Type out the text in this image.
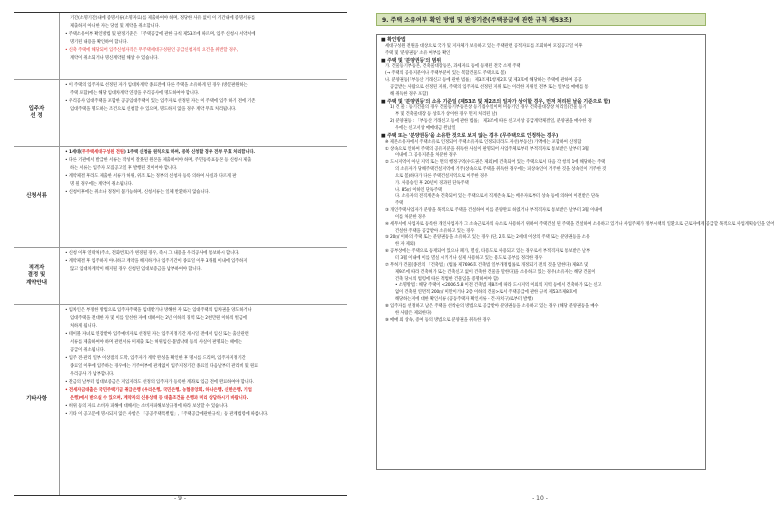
기간(소명기간)내에 증명서류(소명자료)를 제출하여야 하며, 정당한 사유 없이 이 기간내에 증명서류를
제출하지 아니한 자는 당첨 및 계약을 취소합니다.
• 주택소유여부 확인방법 및 판정기준은 「주택공급에 관한 규칙 제53조에 따르며, 입주 신청시 서약서에
명기된 내용을 확인하여 합니다.
• 신축 주택에 해당되어 입주신청자격은 무주택세대구성원인 공급신청자의 요건을 위반할 경우,
계약이 취소되거나 명신계약될 해상 수 있습니다.
입주자
선 정
• 이 주택의 입주자로 선정된 자가 임대차계약 종료전에 다른 주택을 소유하게 된 경우 (방문판원하는
주택 포함)에는 해당 임대차계약 연장을 우리공사에 명도하여야 합니다.
• 우리공사 임대주택을 포함한 공공임대주택이 있는 입주자로 선정된 자는 이 주택에 입주 하기 전에 기존
임대주택을 명도하는 조건으로 신청할 수 있으며, 명도하지 않을 경우 계약 무효 처리됩니다.
신청서류
• 1세대(무주택세대구성원 전원) 1주택 신청을 원칙으로 하며, 중복 신청할 경우 전부 무효 처리합니다.
• 다른 기관에서 발급한 서류는 작성이 잘못된 원본을 제출하여야 하며, 주민등록표등본 등 신청시 제출
하는 서류는 입주자 모집공고일 후 발행된 것이어야 합니다.
• 계약체결 후라도 제출한 서류가 허위, 위조 또는 정부의 신청자 등록 의하여 사실과 다르게 판
명 될 경우에는 계약이 취소됩니다.
• 신청이후에는 취소나 정정이 불가능하며, 신청서류는 일체 반환하지 않습니다.
적격자
결정 및
계약안내
• 신청 이후 연락처(주소, 전화번호)가 변경될 경우, 즉시 그 내용을 우리공사에 통보하시 합니다.
• 계약체결 후 입주하지 아니하고 계약을 해지하거나 입주기간이 종료일 이후 3개월 이내에 입주하지
않고 임대차계약이 해지될 경우 신청된 임대보증금을 납부하여야 합니다.
기타사항
• 임차인은 부정한 방법으로 입주자주택을 임대받거나 방해한 자 또는 임대주택의 임차권을 양도하거나
임대주택을 전대한 자 및 이를 알선한 자에 대하여는 2년 이하의 징역 또는 2천만원 이하의 벌금에
처하게 됩니다.
• 테이블 자녀로 연장받아 입주예비자로 선정된 자는 입주지정기간 게시일 전에서 임신 또는 출산관련
서류를 제출하여야 하며 관련서류 미제출 또는 허위임신·불법낙태 등의 사실이 판명되는 때에는
공급이 취소됩니다.
• 입주 전·관리 일부 이상점의 도막, 입주자가 계약 완성을 확인한 후 명시를 드리며, 입주자지정기간
종료일 이후에 입주하는 경우에는 거주여부에 관계없이 입주지정기간 종료일 다음날부터 관리비 및 원료
우리공사 가 납부합니다.
• 잔금의 날부터 임대보증금은 지입지라도 선정의 입주자가 등록한 계좌로 입금 전에 완료하여야 합니다.
• 전세자금대출은 국민주택기금 취급은행 (우리은행, 국민은행, 농협중앙회, 하나은행, 신한은행, 기업
은행)에서 받으실 수 있으며, 계약자의 신용상태 등 대출조건을 은행과 미리 상담하시기 바랍니다.
• 허위 등의 자료 소비자 피해에 대해서는 소비자피해보상규정에 따라 보상할 수 있습니다.
• 기타 이 공고문에 명시되지 않은 사항은 「공공주택특별법」,「주택공급에관한규칙」등 관계법령에 따릅니다.
- 9 -
9. 주택 소유여부 확인 방법 및 판정기준(주택공급에 관한 규칙 제53조)
■ 확인방법
세대구성원 전원을 대상으로 국가 및 지자체가 보유하고 있는 주택관련 공적자료를 조회하여 모집공고일 이후
주택 및 '분양권등' 소유 여부를 확인
■ 주택 및 '분양권등'의 범위
가. 건물등기부등본, 건축물대장등본, 과세자료 등에 등재된 전국 소재 주택
(→ 주택의 공유지분이나 주택부분이 있는 복합건물도 주택으로 봄)
나. 분양권등[「부동산 거래신고 등에 관한 법률」 제3조제1항제2호 및 제3호에 해당하는 주택에 관하여 공공
공급받는 사람으로 선정된 지위, 주택의 입주자로 선정된 지위 또는 이러한 지위인 전부 또는 일부를 매매를 통
해 취득한 경우 포함]
■ 주택 및 '분양권등'의 소유 기준일 (제53조 및 제2조의 일자가 상이할 경우, 먼저 처리된 날을 기준으로 함)
1) 건 물 : 등기건물의 경우 건물등기부등본상 등기접수일이며 미등기인 경우 건축물대장상 처리일(건물 등기
부 및 건축물대장 등 상호가 상이한 경우 먼저 처리된 날)
2) 분양권등 : 「부동산 거래신고 등에 관한 법률」 제3조에 따른 신고서상 공급계약체결일, 분양권을 매수한 경
우에는 신고서상 매매대금 완납일
■ 주택 또는 '분양권등'을 소유한 것으로 보지 않는 경우 (무주택으로 인정하는 경우)
※ 제본소유자에서 주택소유로 인정되어 주택소유자로 인정되더라도 자선(부동산) 가액에는 포함하여 산정함
① 상속으로 인하여 주택의 공유지분을 취득한 사실이 판명되어 사업주체로부터 부적격자로 통보받은 날부터 3월
이내에 그 공유지분을 처분한 경우
② 도시지역이 아닌 지역 또는 면의 행정구역(수도권은 제외)에 건축되어 있는 주택으로서 다음 각 항의 1에 해당하는 주택
의 소유자가 당해주택건설지역에 거주(상속으로 주택을 취득한 경우에는 피상속인이 거주한 것을 상속인이 거주한 것
으로 봄)하다가 다른 주택건설지역으로 이주한 경우
가. 사용승인 후 20년이 경과된 단독주택
나. 85㎡ 이하인 단독주택
다. 소유자의 전직계존속 건축되어 있는 주택으로서 직계존속 또는 배우자로부터 상속 등에 의하여 이전받은 단독
주택
③ 개인주택사업자가 분양을 목적으로 주택을 건설하여 이를 분양완료 하였거나 부적격자로 통보받은 날부터 3월 이내에
이를 처분한 경우
④ 세무서에 사업자로 등록한 개인사업자가 그 소속근로자의 숙소로 사용하기 위하여 주택건설 된 주택을 건설하여 소유하고 있거나 사업주체가 정부시책의 일환으로 근로자에게 공급할 목적으로 사업계획승인을 얻어
건설한 주택을 공급받아 소유하고 있는 경우
⑤ 20㎡ 이하의 주택 또는 분양권등을 소유하고 있는 경우 (단, 2호 또는 2세대 이상의 주택 또는 분양권등을 소유
한 자 제외)
⑥ 공부상에는 주택으로 등재되어 있으나 폐가, 멸실, 타용도로 사용되고 있는 경우로서 부적격자로 통보받은 날부
터 3월 이내에 이를 멸실 시키거나 실제 사용하고 있는 용도로 공부를 정리한 경우
⑦ 무허가 건물[종전의 「건축법」(법률 제7696호 건축법 일부개정법률로 개정되기 전의 것을 말한다) 제8조 및
제9조에 따라 건축허가 또는 건축신고 없이 건축한 건물을 말한다]을 소유하고 있는 경우(소유자는 해당 건물이
건축 당시의 법령에 따른 적법한 건물임을 증명하여야 함)
• 소명방법 : 해당 주택이 <2006.5.8 이전 건축법 제8조에 따라 도시지역 이외의 지역 등에서 건축하가 또는 신고
없이 건축된 연면적 200㎡ 미만이거나 2층 이하의 건물>로서 주택공급에 관한 규칙 제53조제8호에
해당하는지에 대한 확인서류 (공동주택자 확인서류 - 건·자치구)로부터 발행)
⑧ 입주자를 선정하고 남은 주택을 선착순의 방법으로 공급받아 분양권등을 소유하고 있는 경우 (해당 분양권등을 매수
한 사람은 제외한다)
⑨ 매매 외 상속, 증여 등의 방법으로 분양권을 취득한 경우
- 10 -
